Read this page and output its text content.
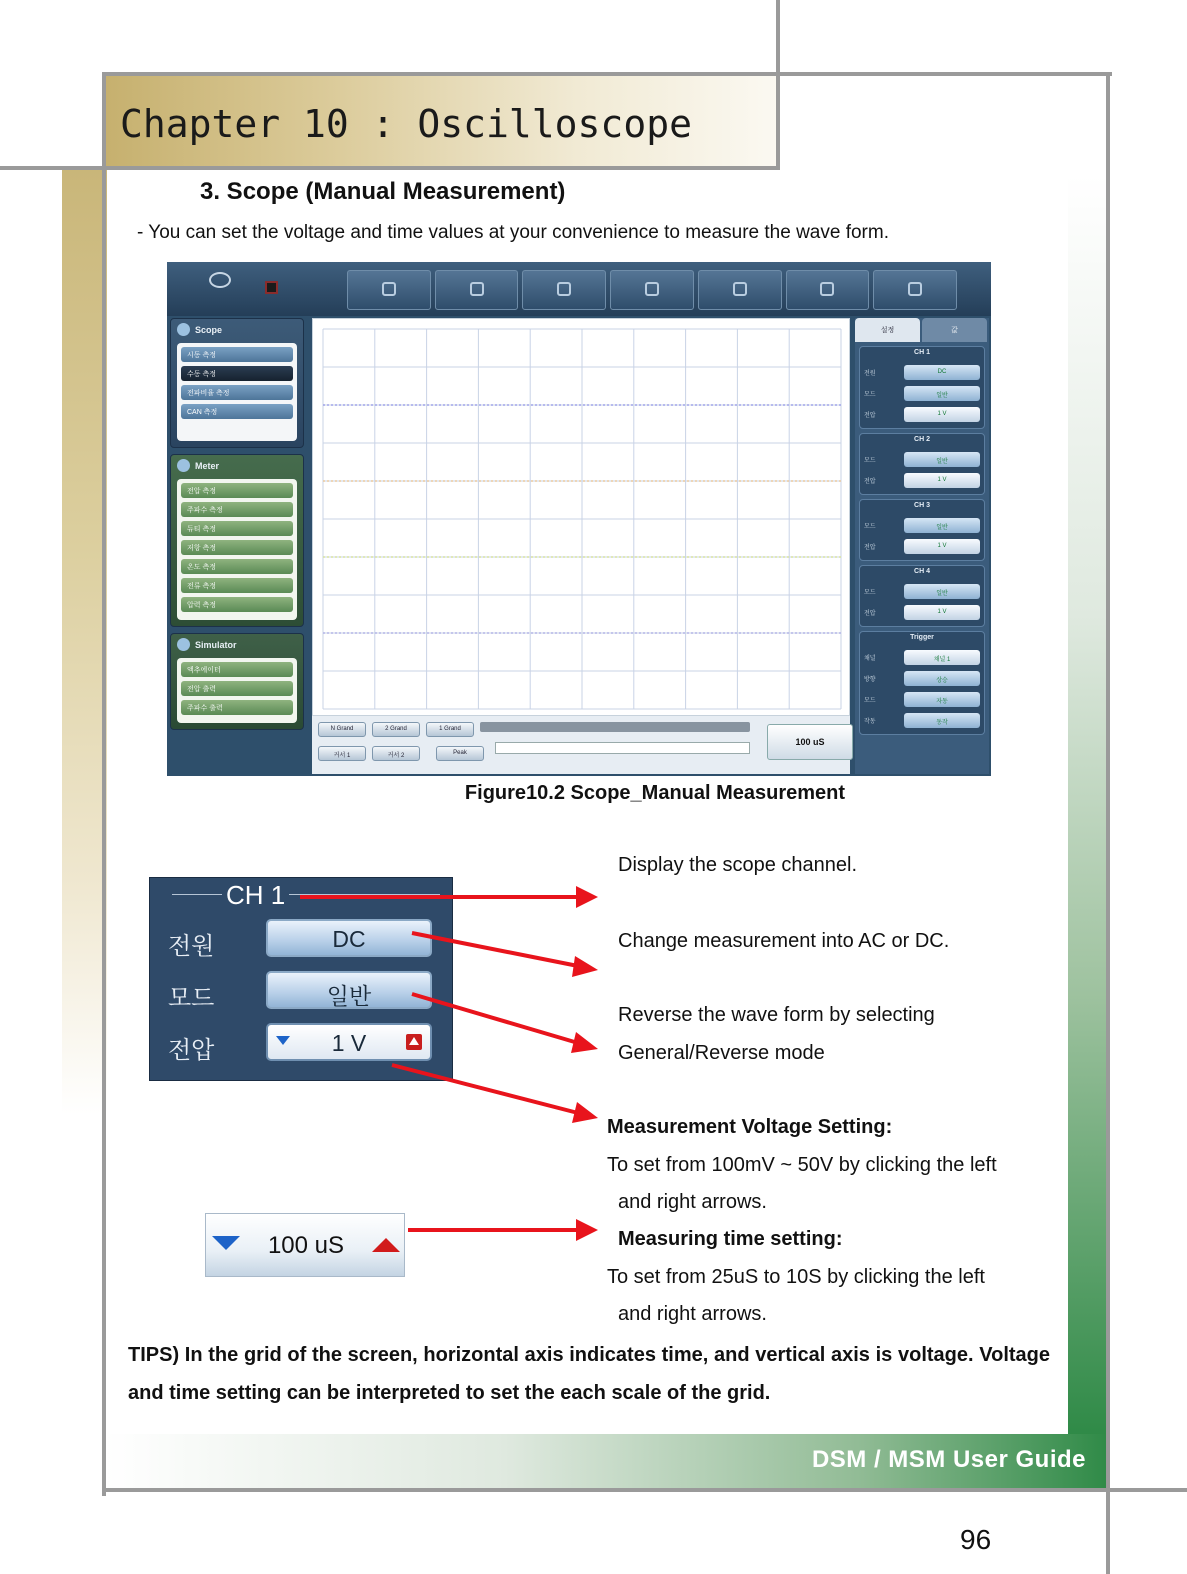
Chapter 10 : Oscilloscope
DSM / MSM User Guide
96
3. Scope (Manual Measurement)
- You can set the voltage and time values at your convenience to measure the wave form.
Scope
시동 측정
수동 측정
전파비율 측정
CAN 측정
Meter
전압 측정
주파수 측정
듀티 측정
저항 측정
온도 측정
전류 측정
압력 측정
Simulator
액추에이터
전압 출력
주파수 출력
N Grand	2 Grand	1 Grand
커서 1	커서 2	Peak
100 uS
설정	값
CH 1
전원	DC
모드	일반
전압	1 V
CH 2
모드	일반
전압	1 V
CH 3
모드	일반
전압	1 V
CH 4
모드	일반
전압	1 V
Trigger
채널	채널 1
방향	상승
모드	자동
작동	동작
Figure10.2 Scope_Manual Measurement
CH 1
전원	DC
모드	일반
전압	1 V
100 uS
Display the scope channel.
Change measurement into AC or DC.
Reverse the wave form by selecting
General/Reverse mode
Measurement Voltage Setting:
To set from 100mV ~ 50V by clicking the left
and right arrows.
Measuring time setting:
To set from 25uS to 10S by clicking the left
and right arrows.
TIPS) In the grid of the screen, horizontal axis indicates time, and vertical axis is voltage. Voltage and time setting can be interpreted to set the each scale of the grid.
